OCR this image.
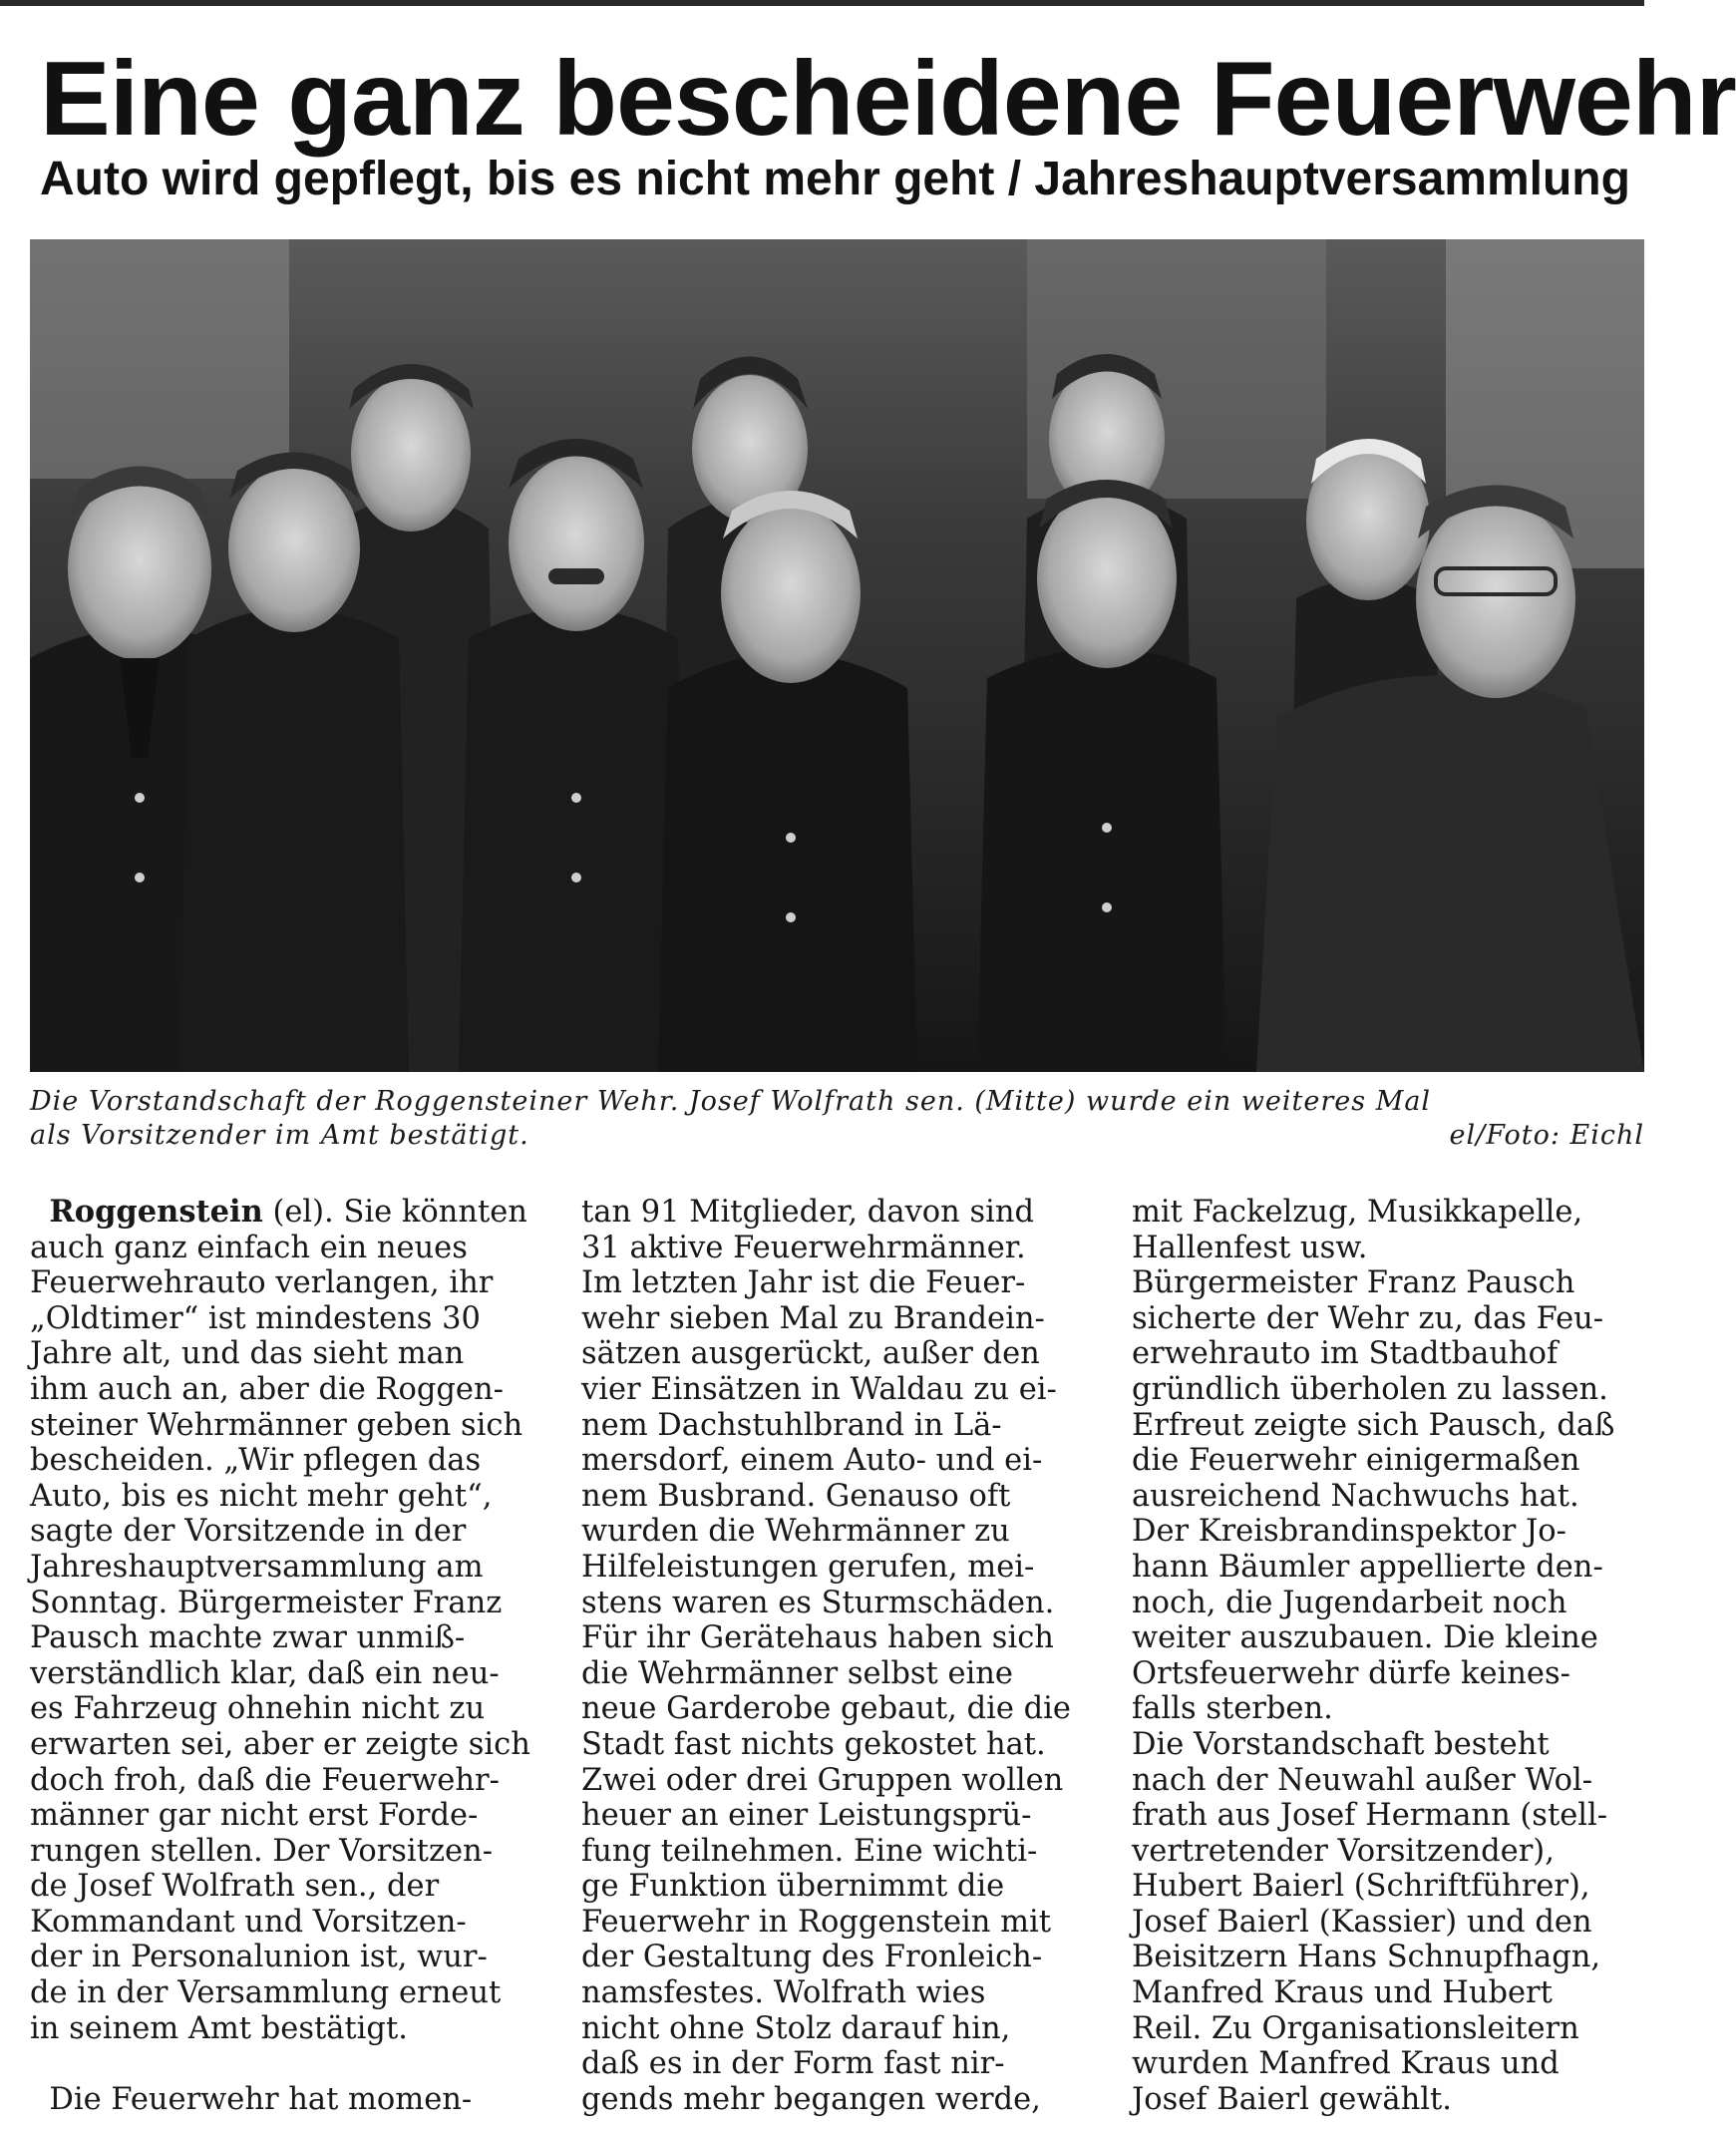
Eine ganz bescheidene Feuerwehr
Auto wird gepflegt, bis es nicht mehr geht / Jahreshauptversammlung
Die Vorstandschaft der Roggensteiner Wehr. Josef Wolfrath sen. (Mitte) wurde ein weiteres Mal
als Vorsitzender im Amt bestätigt.	el/Foto: Eichl
Roggenstein (el). Sie könnten
auch ganz einfach ein neues
Feuerwehrauto verlangen, ihr
„Oldtimer“ ist mindestens 30
Jahre alt, und das sieht man
ihm auch an, aber die Roggen-
steiner Wehrmänner geben sich
bescheiden. „Wir pflegen das
Auto, bis es nicht mehr geht“,
sagte der Vorsitzende in der
Jahreshauptversammlung am
Sonntag. Bürgermeister Franz
Pausch machte zwar unmiß-
verständlich klar, daß ein neu-
es Fahrzeug ohnehin nicht zu
erwarten sei, aber er zeigte sich
doch froh, daß die Feuerwehr-
männer gar nicht erst Forde-
rungen stellen. Der Vorsitzen-
de Josef Wolfrath sen., der
Kommandant und Vorsitzen-
der in Personalunion ist, wur-
de in der Versammlung erneut
in seinem Amt bestätigt.
Die Feuerwehr hat momen-
tan 91 Mitglieder, davon sind
31 aktive Feuerwehrmänner.
Im letzten Jahr ist die Feuer-
wehr sieben Mal zu Brandein-
sätzen ausgerückt, außer den
vier Einsätzen in Waldau zu ei-
nem Dachstuhlbrand in Lä-
mersdorf, einem Auto- und ei-
nem Busbrand. Genauso oft
wurden die Wehrmänner zu
Hilfeleistungen gerufen, mei-
stens waren es Sturmschäden.
Für ihr Gerätehaus haben sich
die Wehrmänner selbst eine
neue Garderobe gebaut, die die
Stadt fast nichts gekostet hat.
Zwei oder drei Gruppen wollen
heuer an einer Leistungsprü-
fung teilnehmen. Eine wichti-
ge Funktion übernimmt die
Feuerwehr in Roggenstein mit
der Gestaltung des Fronleich-
namsfestes. Wolfrath wies
nicht ohne Stolz darauf hin,
daß es in der Form fast nir-
gends mehr begangen werde,
mit Fackelzug, Musikkapelle,
Hallenfest usw.
Bürgermeister Franz Pausch
sicherte der Wehr zu, das Feu-
erwehrauto im Stadtbauhof
gründlich überholen zu lassen.
Erfreut zeigte sich Pausch, daß
die Feuerwehr einigermaßen
ausreichend Nachwuchs hat.
Der Kreisbrandinspektor Jo-
hann Bäumler appellierte den-
noch, die Jugendarbeit noch
weiter auszubauen. Die kleine
Ortsfeuerwehr dürfe keines-
falls sterben.
Die Vorstandschaft besteht
nach der Neuwahl außer Wol-
frath aus Josef Hermann (stell-
vertretender Vorsitzender),
Hubert Baierl (Schriftführer),
Josef Baierl (Kassier) und den
Beisitzern Hans Schnupfhagn,
Manfred Kraus und Hubert
Reil. Zu Organisationsleitern
wurden Manfred Kraus und
Josef Baierl gewählt.
